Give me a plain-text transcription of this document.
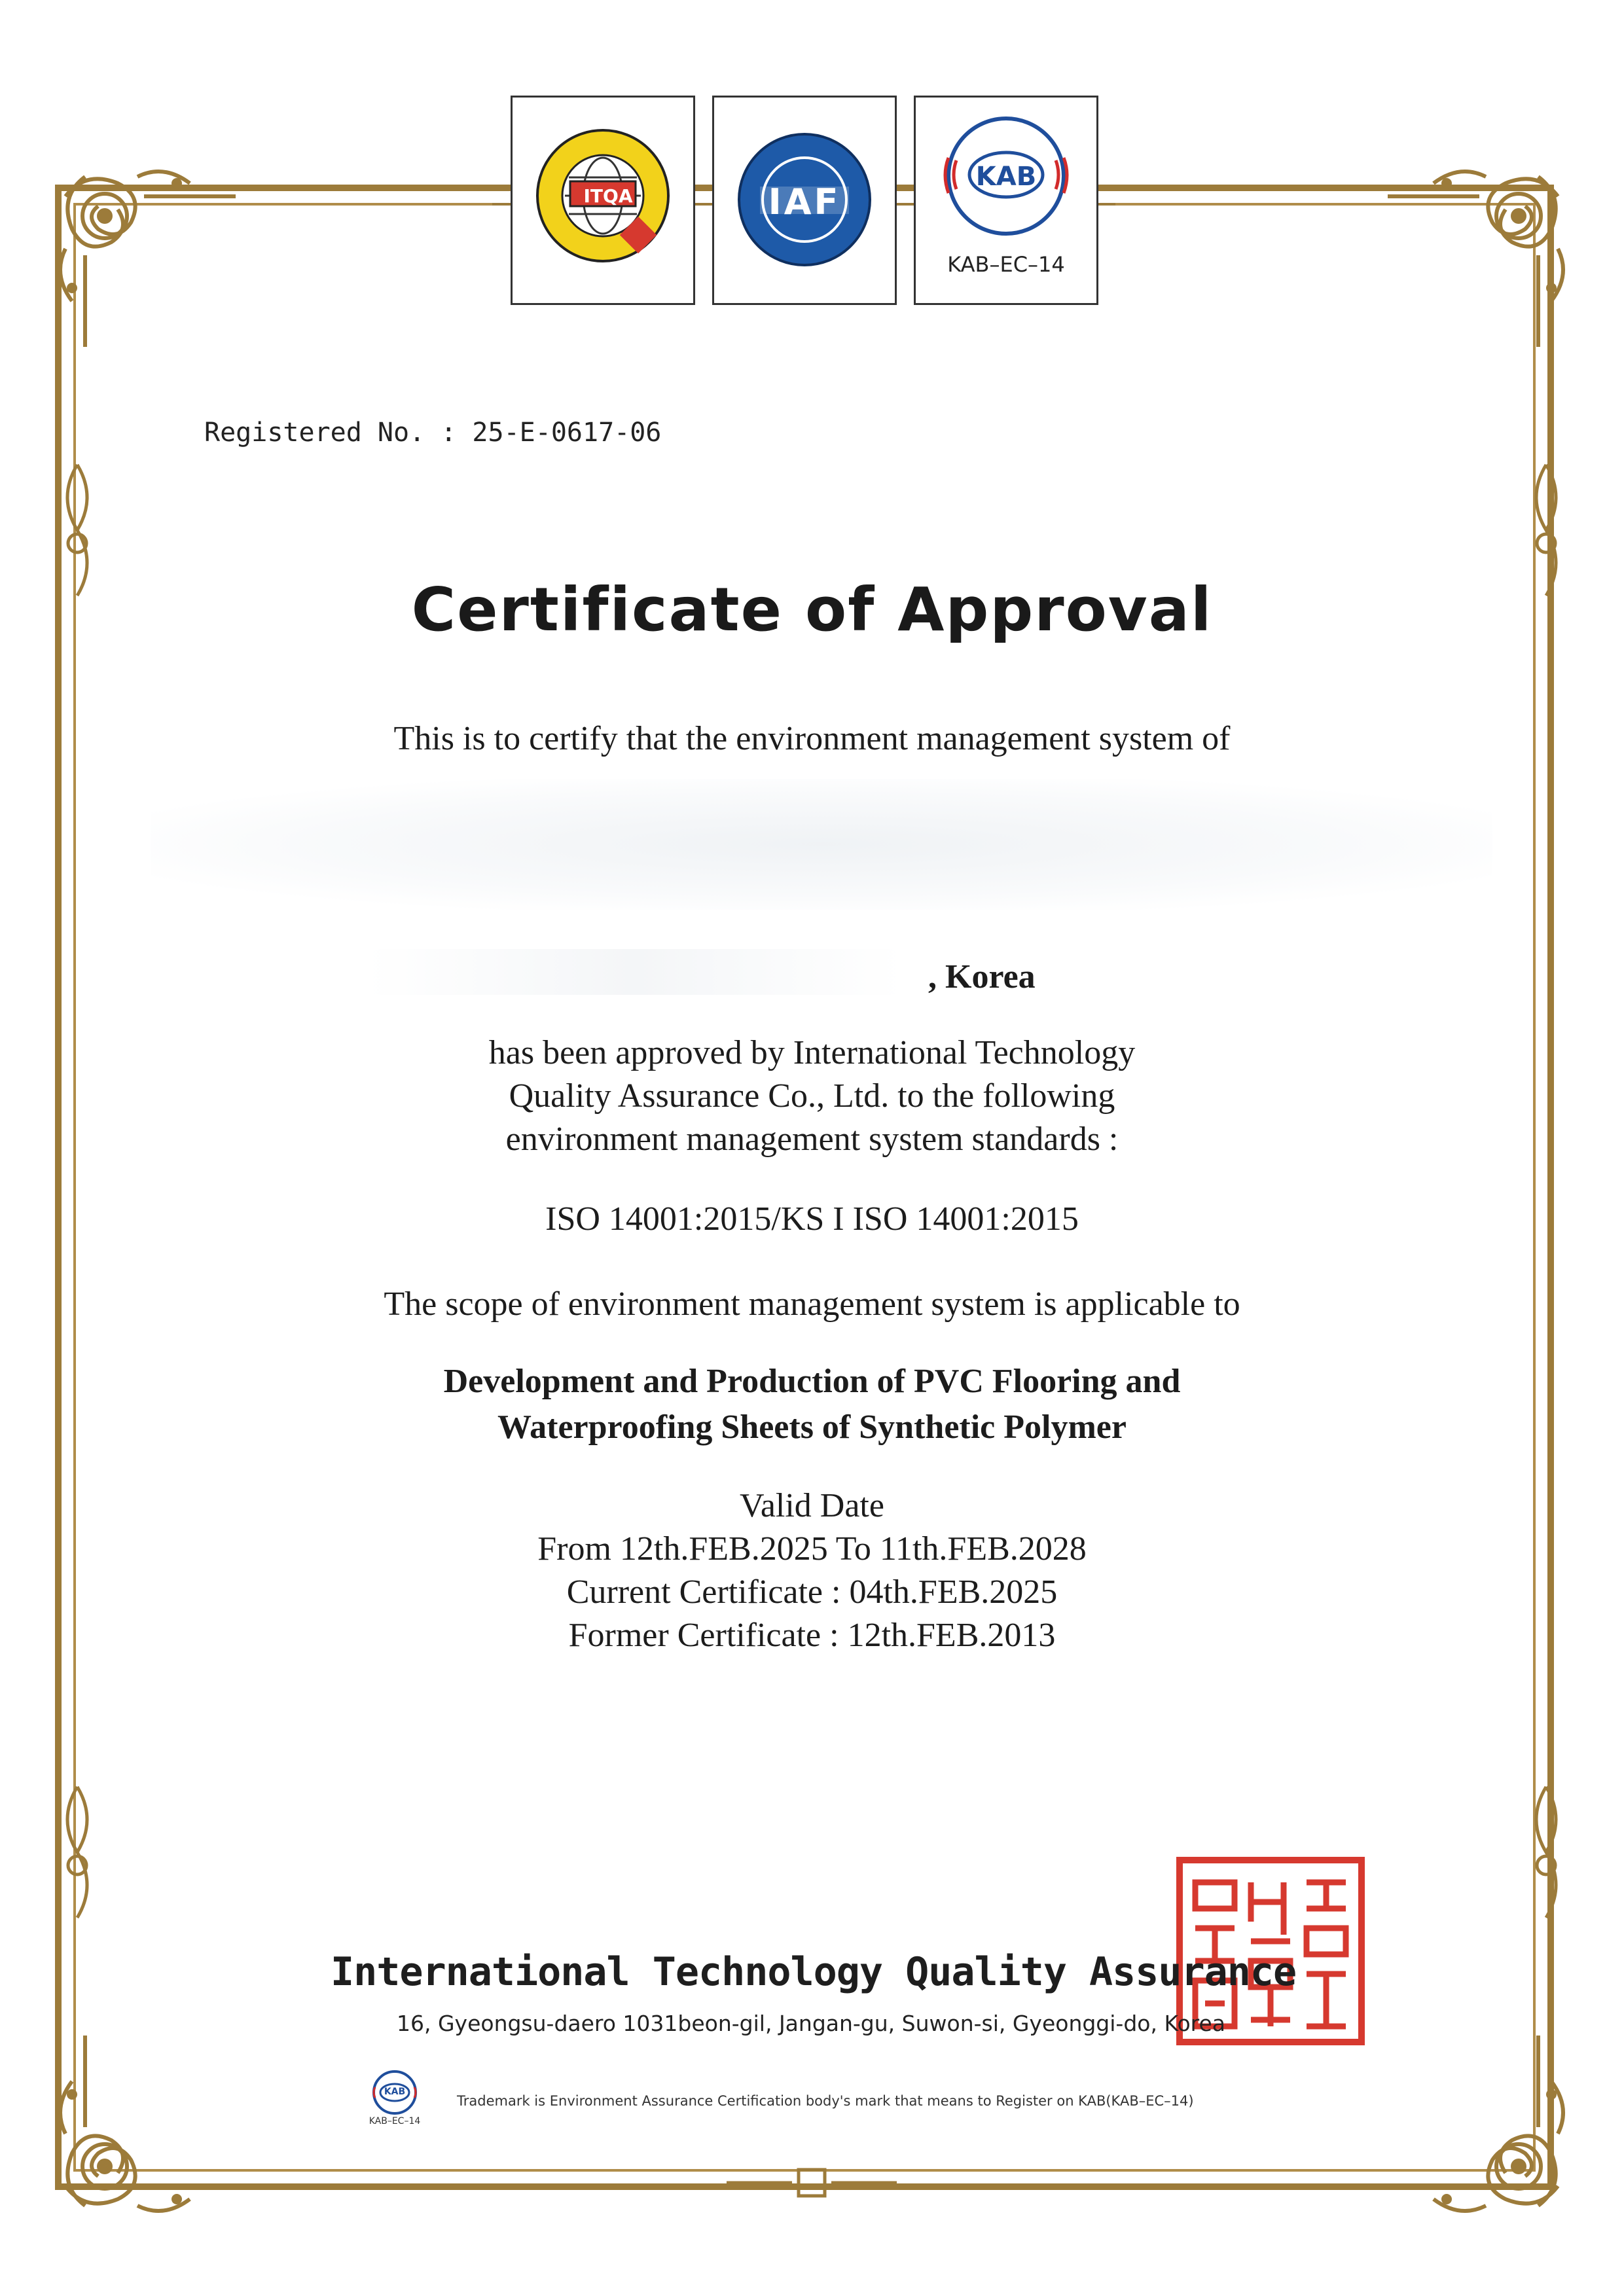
ITQA	IAF
KAB
KAB–EC–14
Registered No. : 25-E-0617-06
Certificate of Approval
This is to certify that the environment management system of
, Korea
has been approved by International Technology
Quality Assurance Co., Ltd. to the following
environment management system standards :
ISO 14001:2015/KS I ISO 14001:2015
The scope of environment management system is applicable to
Development and Production of PVC Flooring and
Waterproofing Sheets of Synthetic Polymer
Valid Date
From 12th.FEB.2025 To 11th.FEB.2028
Current Certificate : 04th.FEB.2025
Former Certificate : 12th.FEB.2013
International Technology Quality Assurance
16, Gyeongsu-daero 1031beon-gil, Jangan-gu, Suwon-si, Gyeonggi-do, Korea
KAB
KAB–EC–14
Trademark is Environment Assurance Certification body's mark that means to Register on KAB(KAB–EC–14)
